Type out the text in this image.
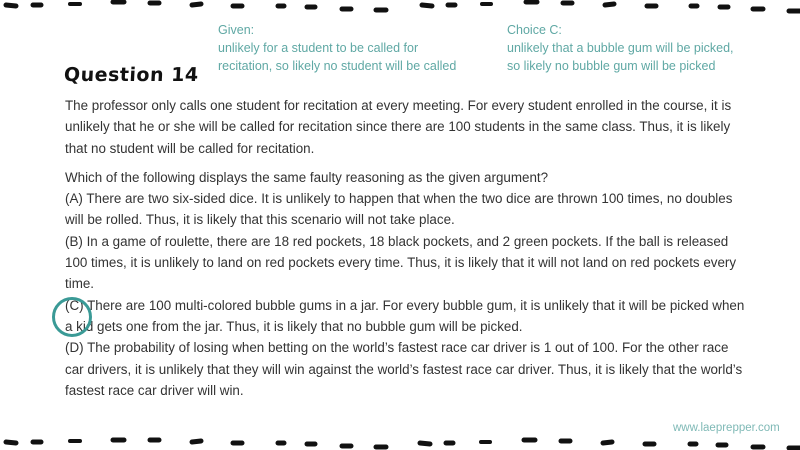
Given:
unlikely for a student to be called for
recitation, so likely no student will be called
Choice C:
unlikely that a bubble gum will be picked,
so likely no bubble gum will be picked
Question 14

The professor only calls one student for recitation at every meeting. For every student enrolled in the course, it is unlikely that he or she will be called for recitation since there are 100 students in the same class. Thus, it is likely that no student will be called for recitation.

Which of the following displays the same faulty reasoning as the given argument?

(A) There are two six-sided dice. It is unlikely to happen that when the two dice are thrown 100 times, no doubles will be rolled. Thus, it is likely that this scenario will not take place.

(B) In a game of roulette, there are 18 red pockets, 18 black pockets, and 2 green pockets. If the ball is released 100 times, it is unlikely to land on red pockets every time. Thus, it is likely that it will not land on red pockets every time.

(C) There are 100 multi-colored bubble gums in a jar. For every bubble gum, it is unlikely that it will be picked when a kid gets one from the jar. Thus, it is likely that no bubble gum will be picked.

(D) The probability of losing when betting on the world’s fastest race car driver is 1 out of 100. For the other race car drivers, it is unlikely that they will win against the world’s fastest race car driver. Thus, it is likely that the world’s fastest race car driver will win.

www.laeprepper.com
